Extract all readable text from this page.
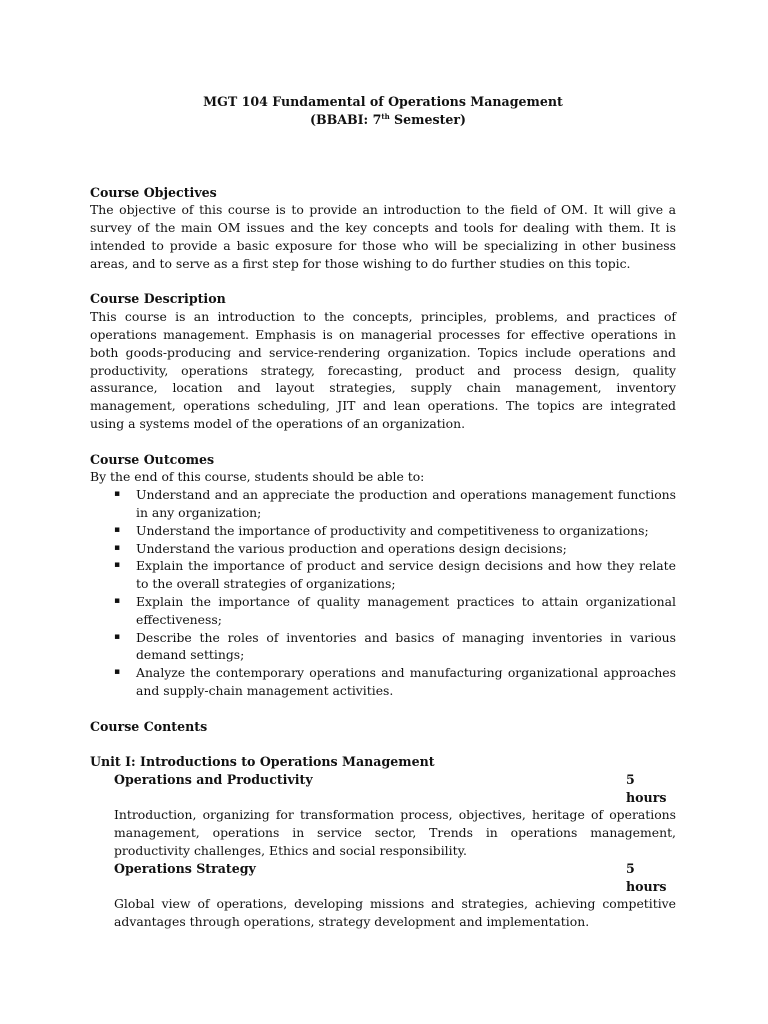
MGT 104 Fundamental of Operations Management
(BBABI: 7th Semester)
Course Objectives

The objective of this course is to provide an introduction to the field of OM. It will give a survey of the main OM issues and the key concepts and tools for dealing with them. It is intended to provide a basic exposure for those who will be specializing in other business areas, and to serve as a first step for those wishing to do further studies on this topic.

Course Description

This course is an introduction to the concepts, principles, problems, and practices of operations management. Emphasis is on managerial processes for effective operations in both goods-producing and service-rendering organization. Topics include operations and productivity, operations strategy, forecasting, product and process design, quality assurance, location and layout strategies, supply chain management, inventory management, operations scheduling, JIT and lean operations. The topics are integrated using a systems model of the operations of an organization.

Course Outcomes
By the end of this course, students should be able to:
▪ Understand and an appreciate the production and operations management functions in any organization;
▪ Understand the importance of productivity and competitiveness to organizations;
▪ Understand the various production and operations design decisions;
▪ Explain the importance of product and service design decisions and how they relate to the overall strategies of organizations;
▪ Explain the importance of quality management practices to attain organizational effectiveness;
▪ Describe the roles of inventories and basics of managing inventories in various demand settings;
▪ Analyze the contemporary operations and manufacturing organizational approaches and supply-chain management activities.
Course Contents
Unit I: Introductions to Operations Management
Operations and Productivity	5 hours
Introduction, organizing for transformation process, objectives, heritage of operations management, operations in service sector, Trends in operations management, productivity challenges, Ethics and social responsibility.
Operations Strategy	5 hours
Global view of operations, developing missions and strategies, achieving competitive advantages through operations, strategy development and implementation.
